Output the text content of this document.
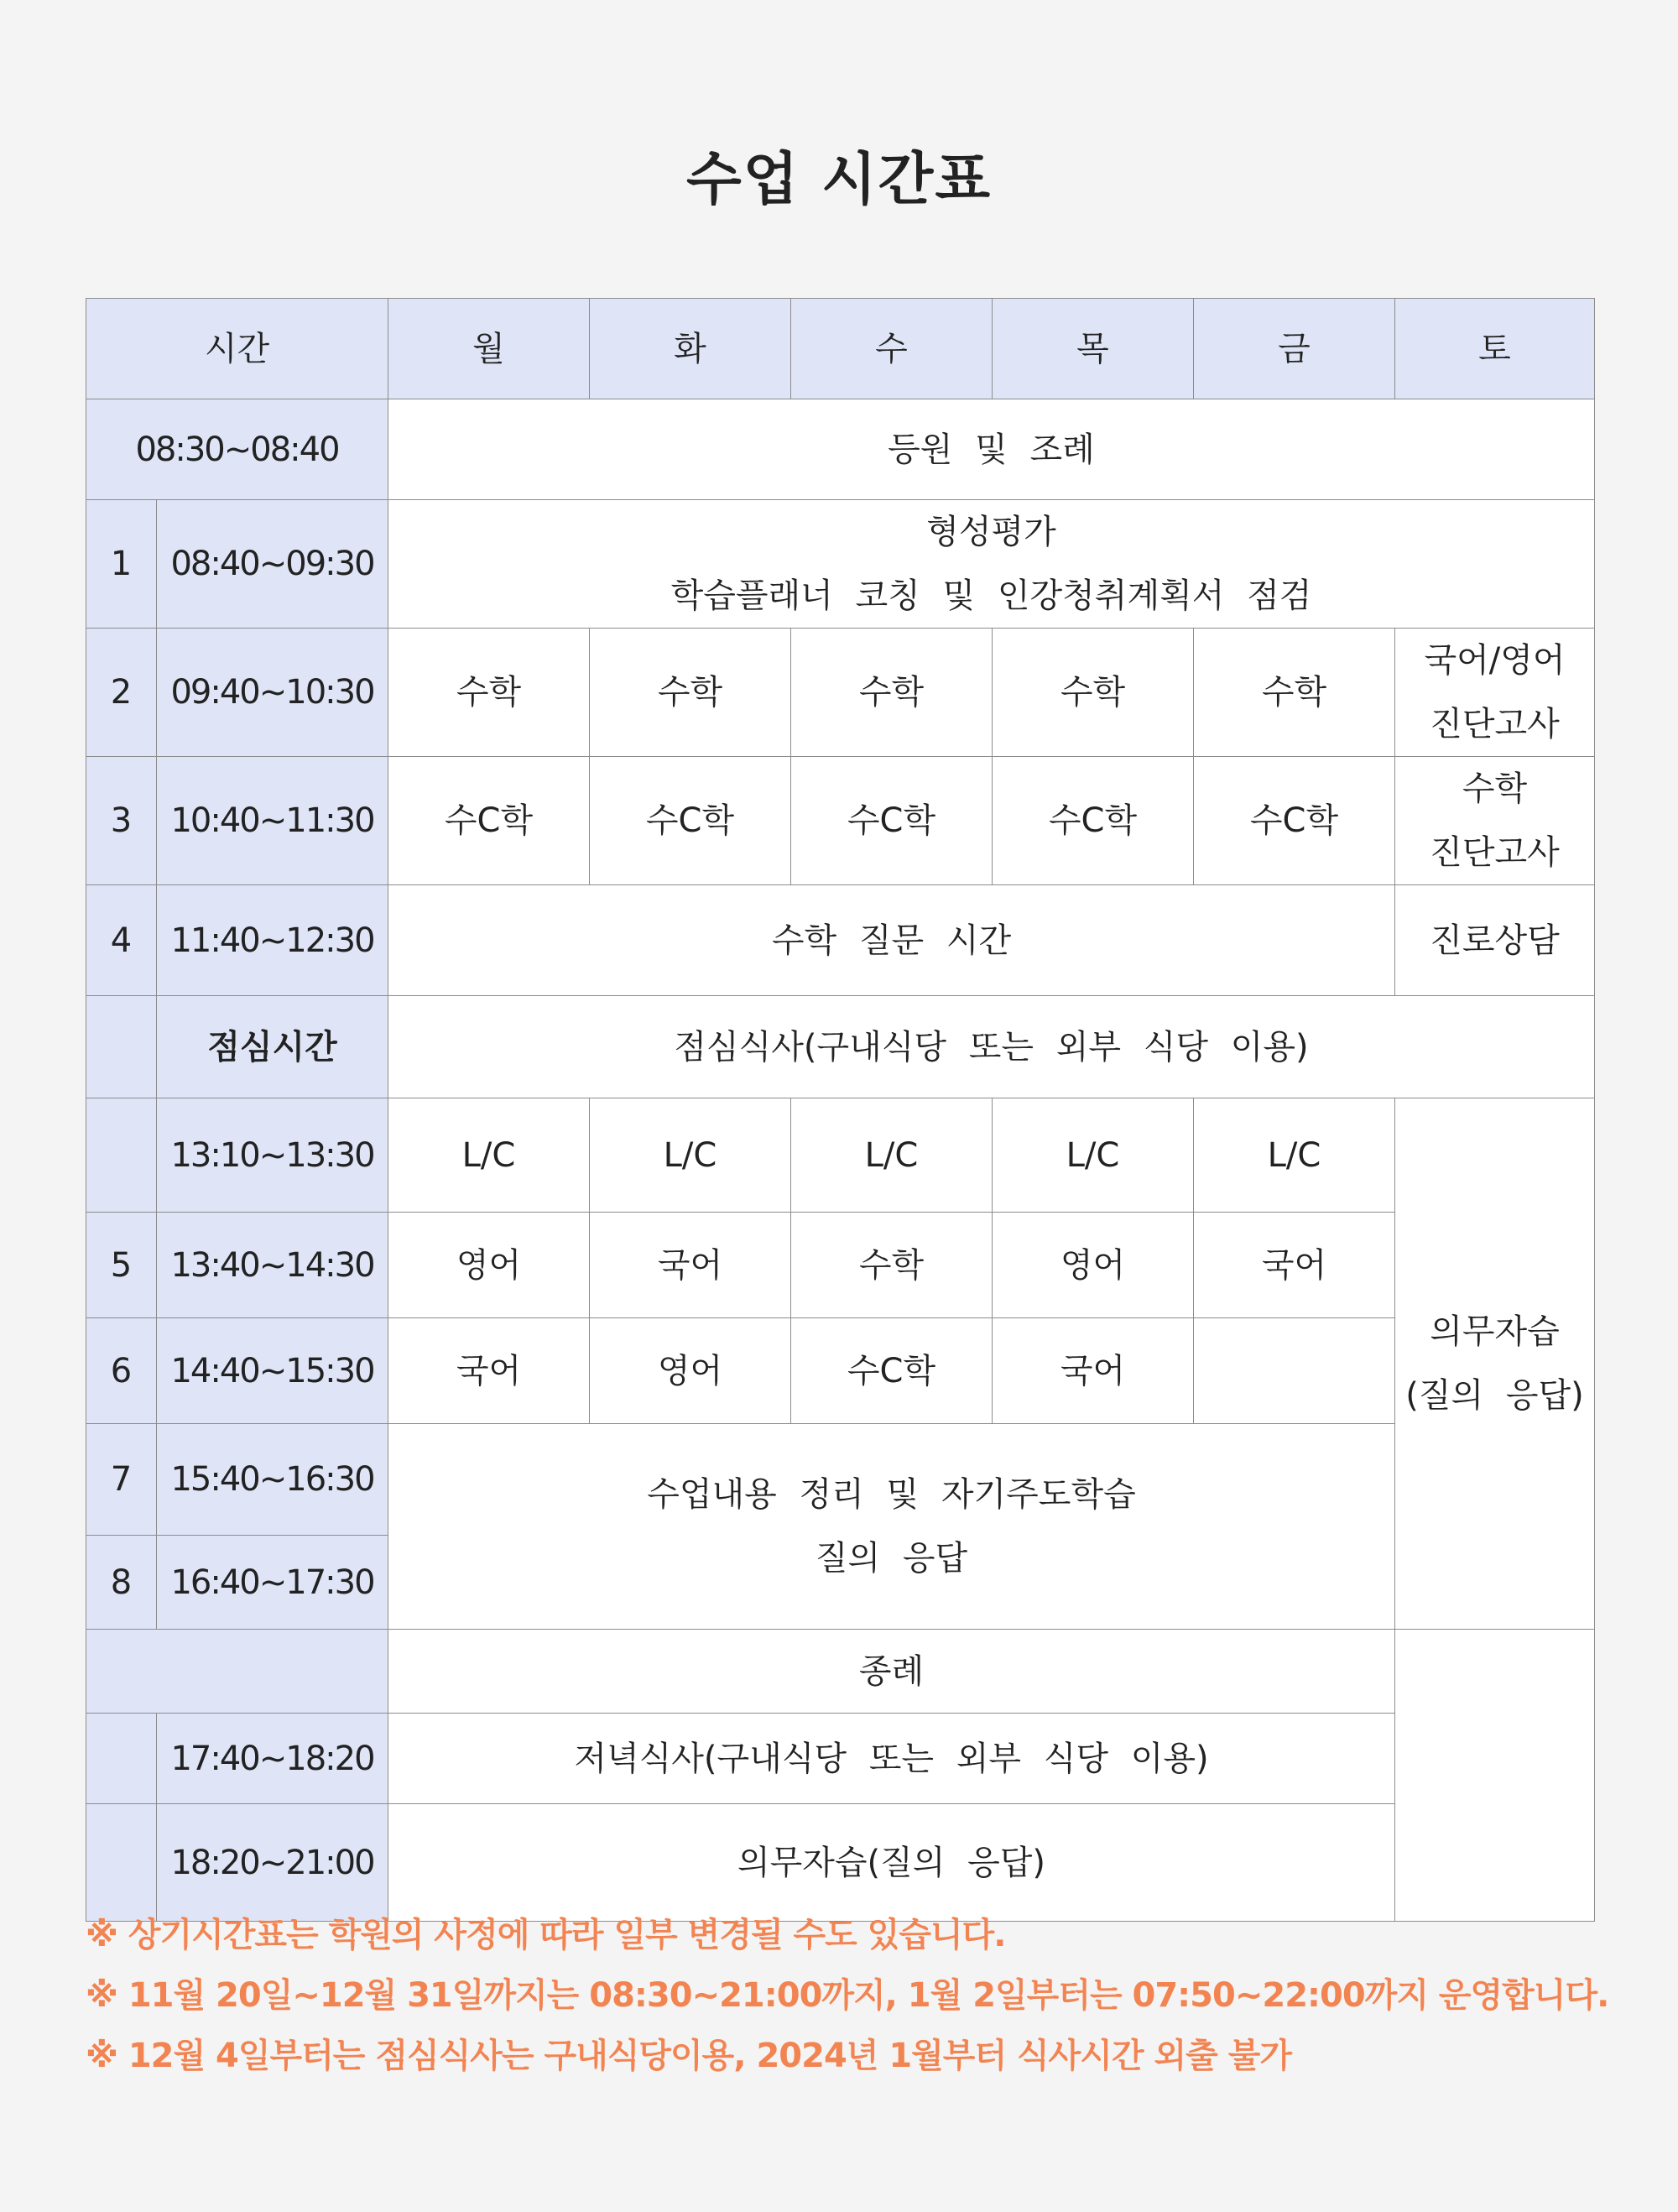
수업 시간표
시간		월	화	수	목	금	토
08:30~08:40		등원 및 조례					
1	08:40~09:30	형성평가
학습플래너 코칭 및 인강청취계획서 점검					

2	09:40~10:30	수학	수학	수학	수학	수학	국어/영어
진단고사

3	10:40~11:30	수C학	수C학	수C학	수C학	수C학	수학
진단고사

4	11:40~12:30	수학 질문 시간					진로상담
	점심시간	점심식사(구내식당 또는 외부 식당 이용)					
	13:10~13:30	L/C	L/C	L/C	L/C	L/C	의무자습
(질의 응답)

5	13:40~14:30	영어	국어	수학	영어	국어	
6	14:40~15:30	국어	영어	수C학	국어		
7	15:40~16:30	수업내용 정리 및 자기주도학습
질의 응답					

8	16:40~17:30						
		종례					
	17:40~18:20	저녁식사(구내식당 또는 외부 식당 이용)					
	18:20~21:00	의무자습(질의 응답)					
※ 상기시간표는 학원의 사정에 따라 일부 변경될 수도 있습니다.
※ 11월 20일~12월 31일까지는 08:30~21:00까지, 1월 2일부터는 07:50~22:00까지 운영합니다.
※ 12월 4일부터는 점심식사는 구내식당이용, 2024년 1월부터 식사시간 외출 불가
